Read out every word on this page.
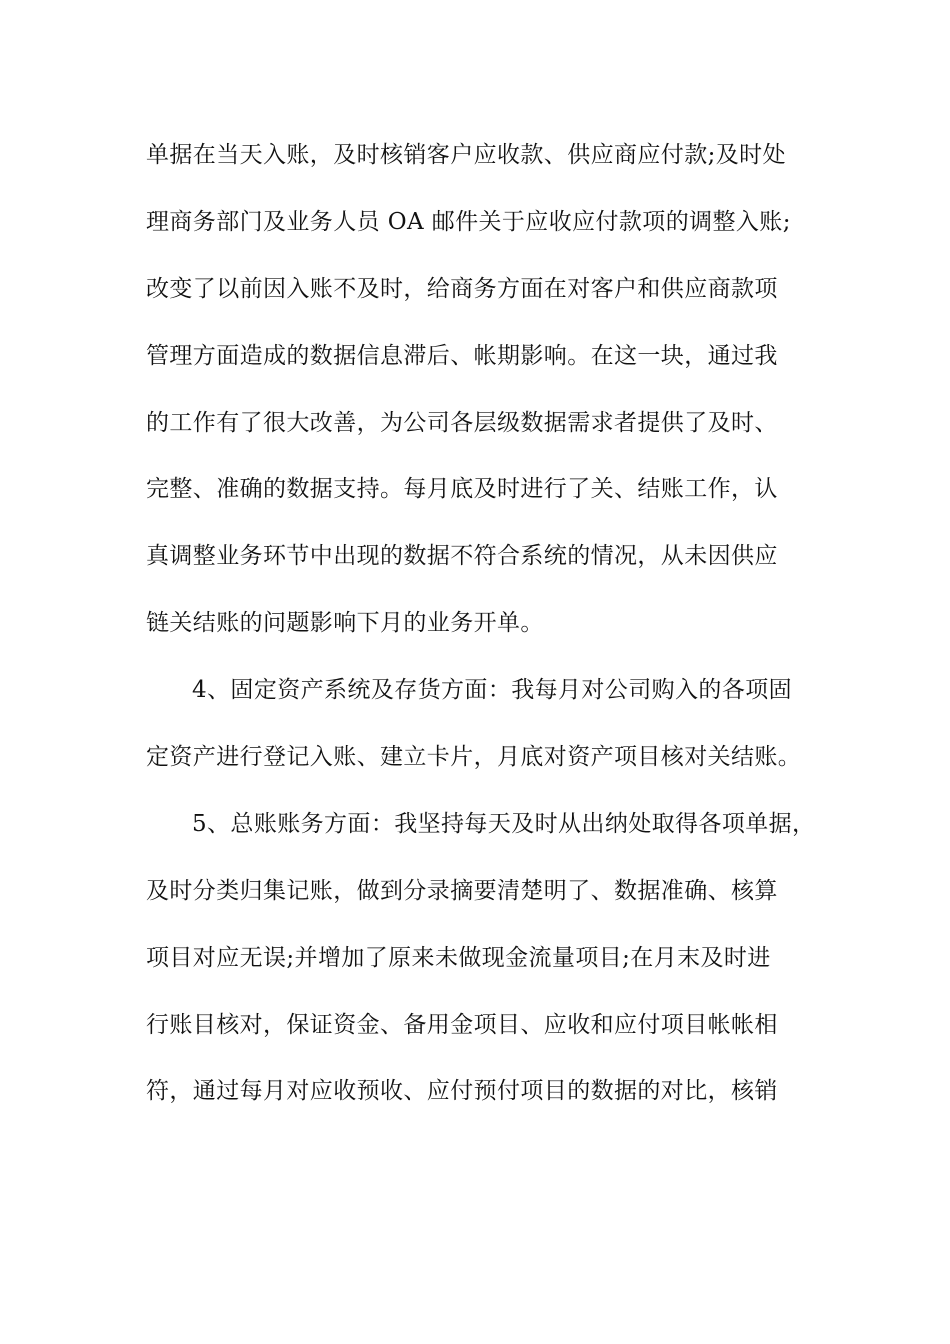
单据在当天入账，及时核销客户应收款、供应商应付款;及时处
理商务部门及业务人员 OA 邮件关于应收应付款项的调整入账;
改变了以前因入账不及时，给商务方面在对客户和供应商款项
管理方面造成的数据信息滞后、帐期影响。在这一块，通过我
的工作有了很大改善，为公司各层级数据需求者提供了及时、
完整、准确的数据支持。每月底及时进行了关、结账工作，认
真调整业务环节中出现的数据不符合系统的情况，从未因供应
链关结账的问题影响下月的业务开单。
4、固定资产系统及存货方面：我每月对公司购入的各项固
定资产进行登记入账、建立卡片，月底对资产项目核对关结账。
5、总账账务方面：我坚持每天及时从出纳处取得各项单据，
及时分类归集记账，做到分录摘要清楚明了、数据准确、核算
项目对应无误;并增加了原来未做现金流量项目;在月末及时进
行账目核对，保证资金、备用金项目、应收和应付项目帐帐相
符，通过每月对应收预收、应付预付项目的数据的对比，核销
